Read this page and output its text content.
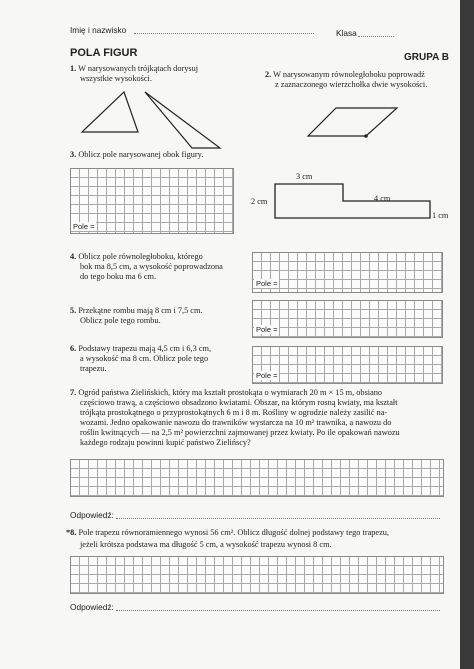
Imię i nazwisko	Klasa
POLA FIGUR	GRUPA B
1. W narysowanych trójkątach dorysuj
wszystkie wysokości.	2. W narysowanym równoległoboku poprowadź
z zaznaczonego wierzchołka dwie wysokości.
3. Oblicz pole narysowanej obok figury.
Pole =
3 cm
2 cm	4 cm
1 cm
4. Oblicz pole równoległoboku, którego
bok ma 8,5 cm, a wysokość poprowadzona
do tego boku ma 6 cm.
Pole =
5. Przekątne rombu mają 8 cm i 7,5 cm.
Oblicz pole tego rombu.
Pole =
6. Podstawy trapezu mają 4,5 cm i 6,3 cm,
a wysokość ma 8 cm. Oblicz pole tego
trapezu.
Pole =
7. Ogród państwa Zielińskich, który ma kształt prostokąta o wymiarach 20 m × 15 m, obsiano
częściowo trawą, a częściowo obsadzono kwiatami. Obszar, na którym rosną kwiaty, ma kształt
trójkąta prostokątnego o przyprostokątnych 6 m i 8 m. Rośliny w ogrodzie należy zasilić na-
wozami. Jedno opakowanie nawozu do trawników wystarcza na 10 m² trawnika, a nawozu do
roślin kwitnących — na 2,5 m² powierzchni zajmowanej przez kwiaty. Po ile opakowań nawozu
każdego rodzaju powinni kupić państwo Zielińscy?
Odpowiedź:
*8. Pole trapezu równoramiennego wynosi 56 cm². Oblicz długość dolnej podstawy tego trapezu,
jeżeli krótsza podstawa ma długość 5 cm, a wysokość trapezu wynosi 8 cm.
Odpowiedź:
